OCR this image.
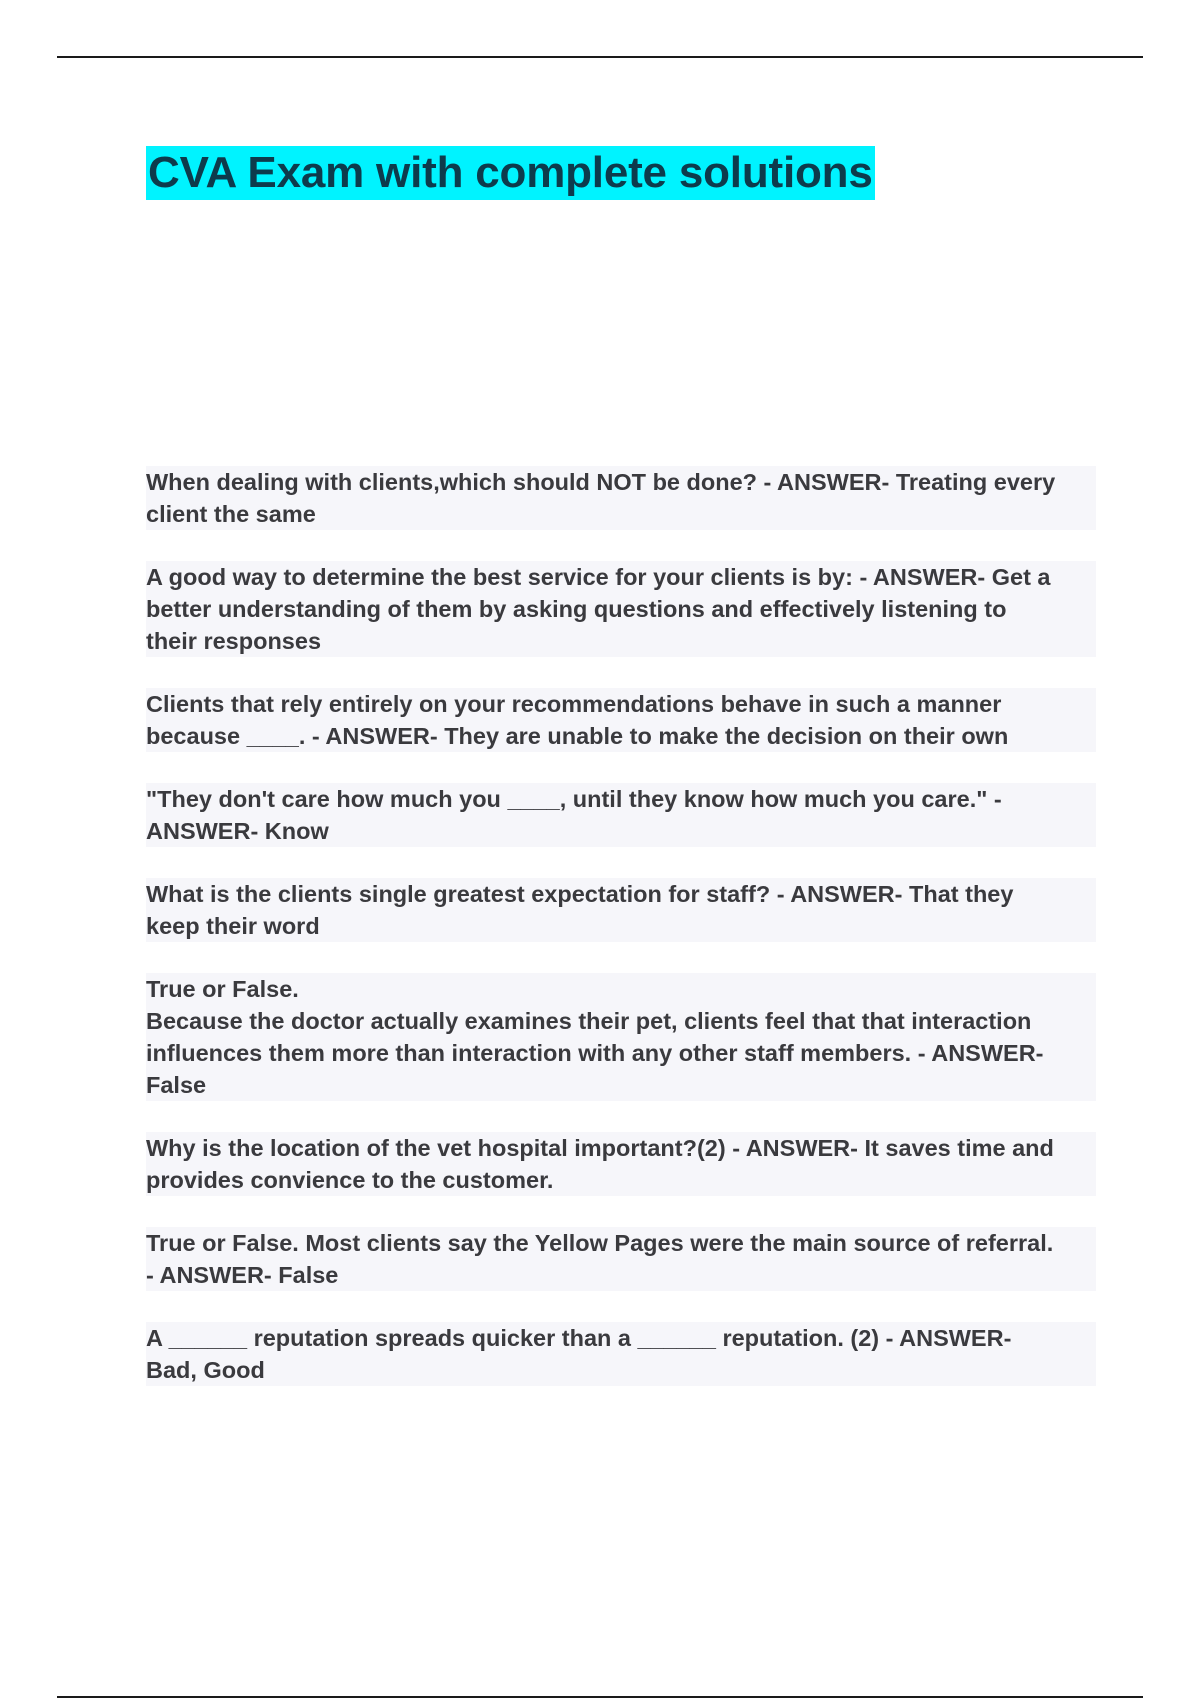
CVA Exam with complete solutions

When dealing with clients,which should NOT be done? - ANSWER- Treating every
client the same

A good way to determine the best service for your clients is by: - ANSWER- Get a
better understanding of them by asking questions and effectively listening to
their responses

Clients that rely entirely on your recommendations behave in such a manner
because ____. - ANSWER- They are unable to make the decision on their own

"They don't care how much you ____, until they know how much you care." -
ANSWER- Know

What is the clients single greatest expectation for staff? - ANSWER- That they
keep their word

True or False.
Because the doctor actually examines their pet, clients feel that that interaction
influences them more than interaction with any other staff members. - ANSWER-
False

Why is the location of the vet hospital important?(2) - ANSWER- It saves time and
provides convience to the customer.

True or False. Most clients say the Yellow Pages were the main source of referral.
- ANSWER- False

A ______ reputation spreads quicker than a ______ reputation. (2) - ANSWER-
Bad, Good
